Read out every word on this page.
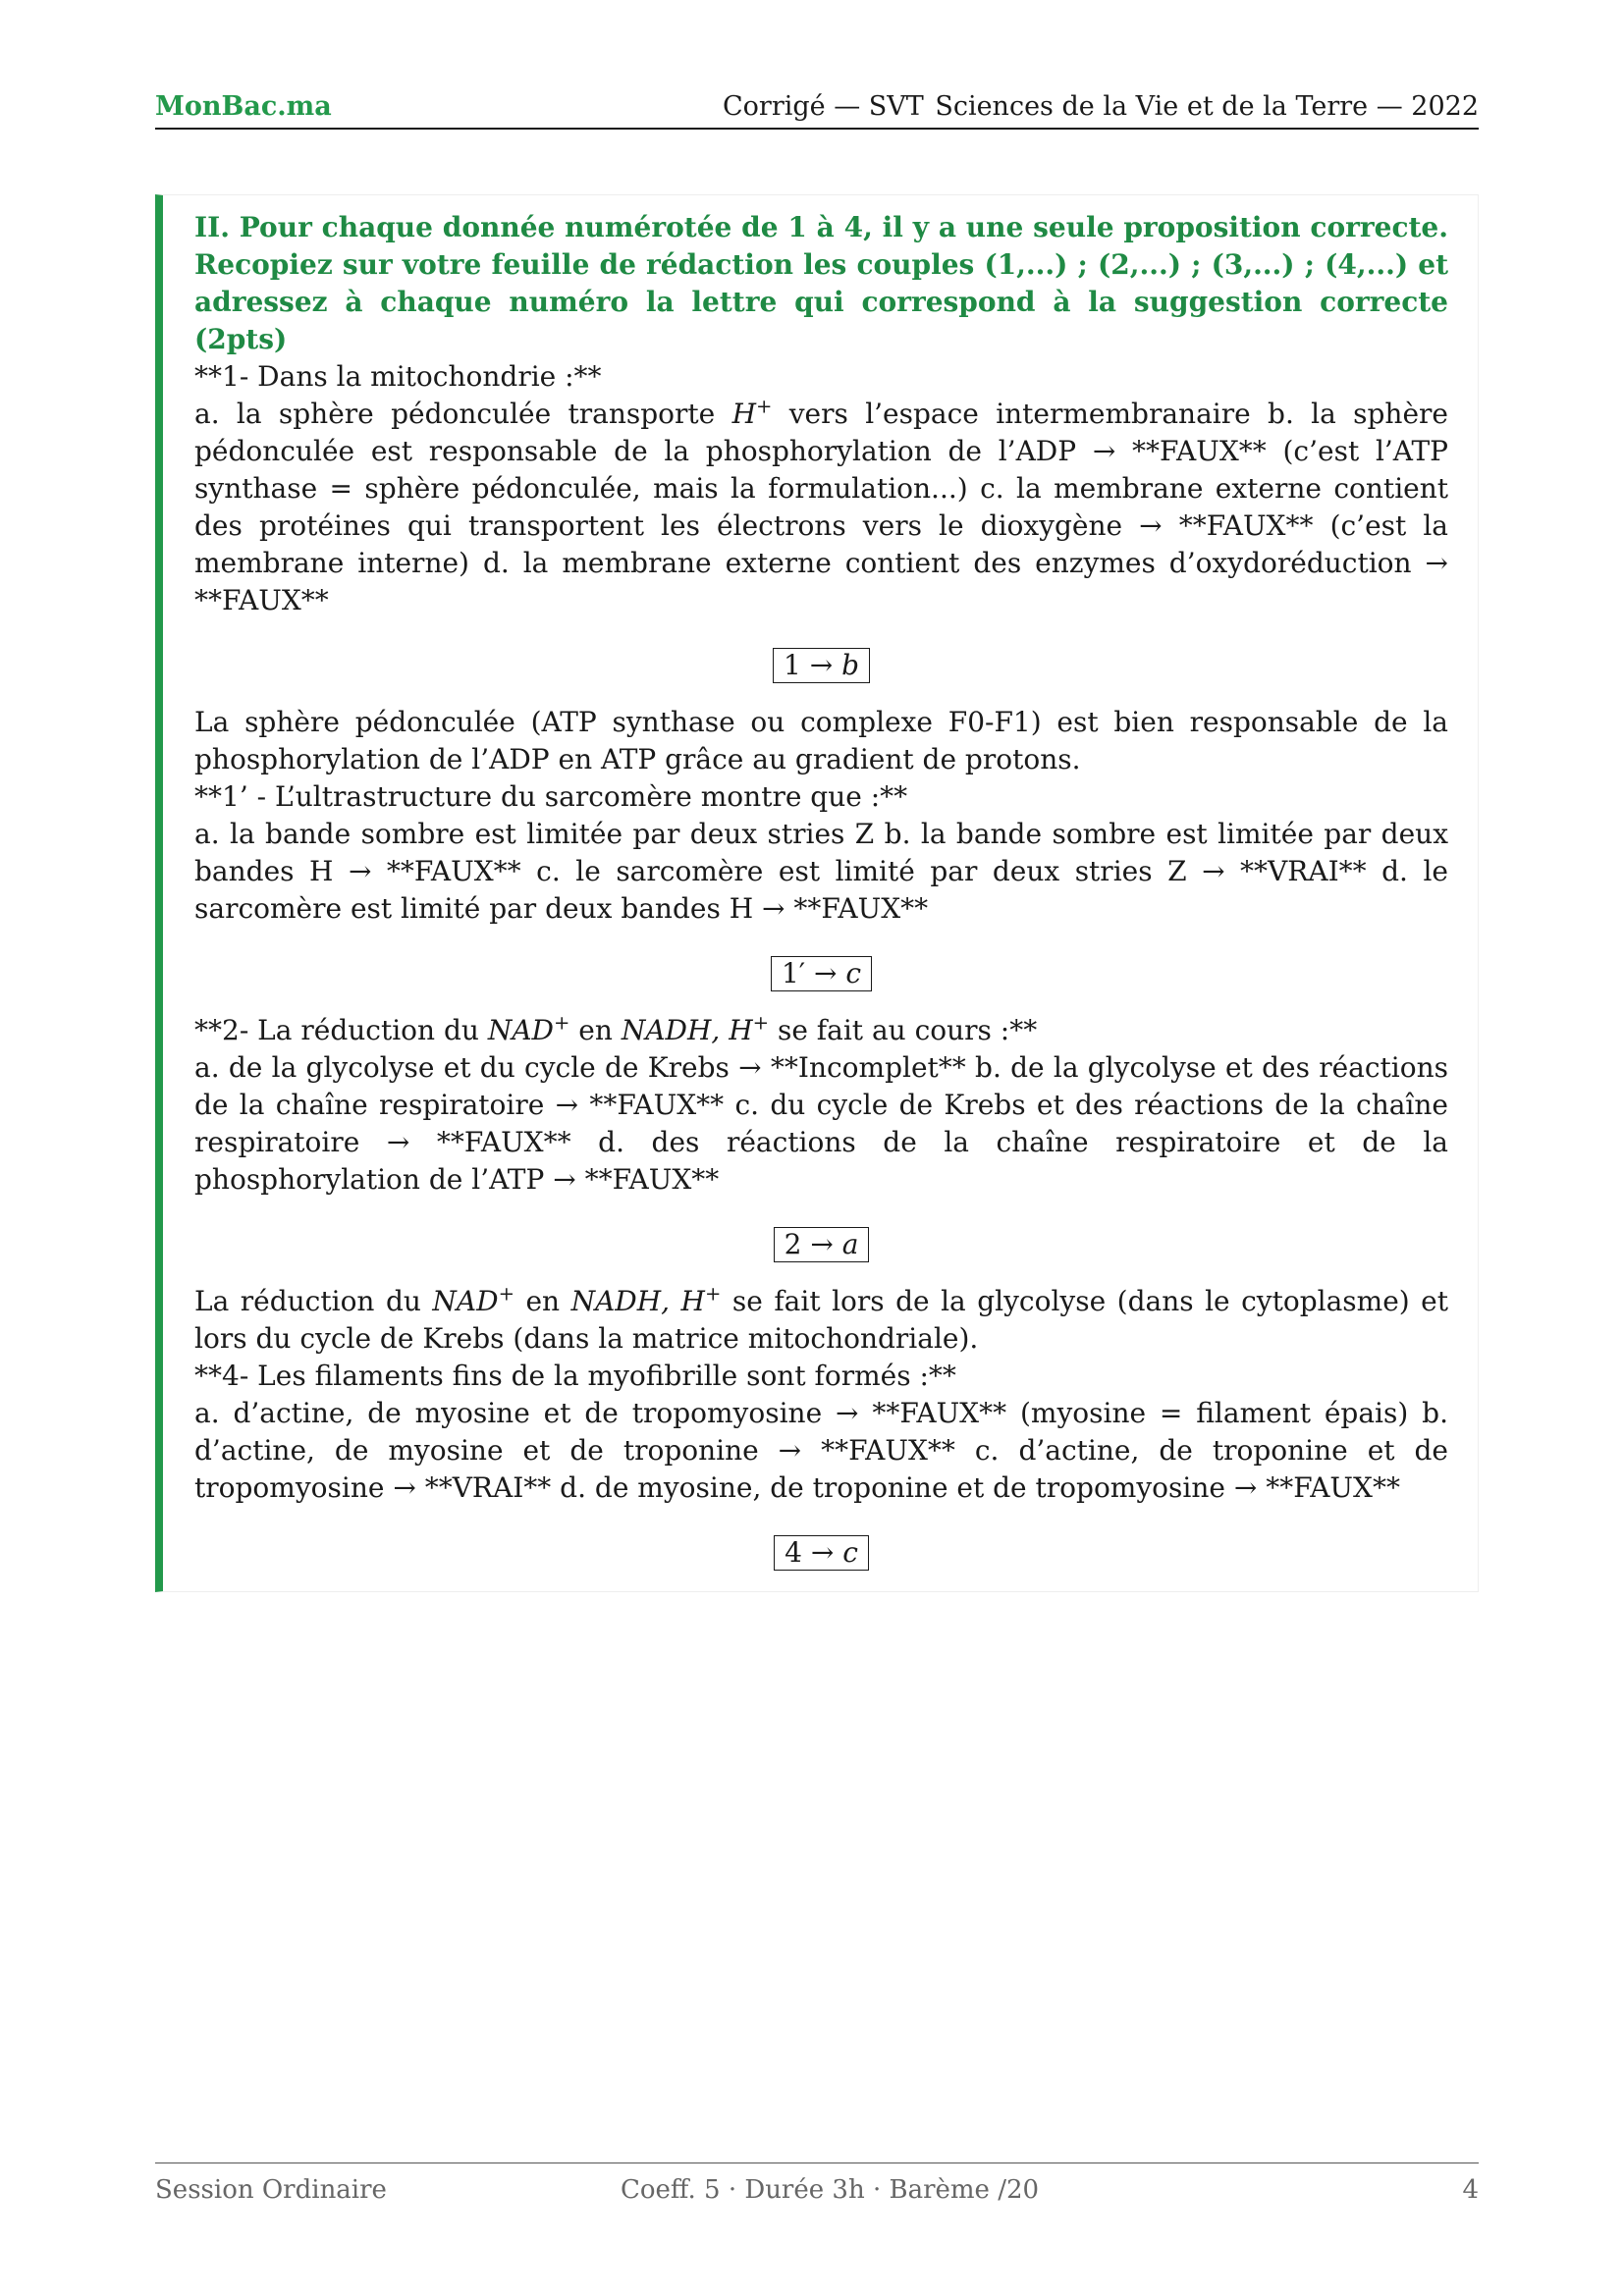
MonBac.ma	Corrigé — SVT Sciences de la Vie et de la Terre — 2022

II. Pour chaque donnée numérotée de 1 à 4, il y a une seule proposition correcte. Recopiez sur votre feuille de rédaction les couples (1,...) ; (2,...) ; (3,...) ; (4,...) et adressez à chaque numéro la lettre qui correspond à la suggestion correcte (2pts)

**1- Dans la mitochondrie :**

a. la sphère pédonculée transporte H+ vers l’espace intermembranaire b. la sphère pédonculée est responsable de la phosphorylation de l’ADP → **FAUX** (c’est l’ATP synthase = sphère pédonculée, mais la formulation...) c. la membrane externe contient des protéines qui transportent les électrons vers le dioxygène → **FAUX** (c’est la membrane interne) d. la membrane externe contient des enzymes d’oxydoréduction → **FAUX**

1 → b

La sphère pédonculée (ATP synthase ou complexe F0-F1) est bien responsable de la phosphorylation de l’ADP en ATP grâce au gradient de protons.

**1’ - L’ultrastructure du sarcomère montre que :**

a. la bande sombre est limitée par deux stries Z b. la bande sombre est limitée par deux bandes H → **FAUX** c. le sarcomère est limité par deux stries Z → **VRAI** d. le sarcomère est limité par deux bandes H → **FAUX**

1′ → c

**2- La réduction du NAD+ en NADH, H+ se fait au cours :**

a. de la glycolyse et du cycle de Krebs → **Incomplet** b. de la glycolyse et des réactions de la chaîne respiratoire → **FAUX** c. du cycle de Krebs et des réactions de la chaîne respiratoire → **FAUX** d. des réactions de la chaîne respiratoire et de la phosphorylation de l’ATP → **FAUX**

2 → a

La réduction du NAD+ en NADH, H+ se fait lors de la glycolyse (dans le cytoplasme) et lors du cycle de Krebs (dans la matrice mitochondriale).

**4- Les filaments fins de la myofibrille sont formés :**

a. d’actine, de myosine et de tropomyosine → **FAUX** (myosine = filament épais) b. d’actine, de myosine et de troponine → **FAUX** c. d’actine, de troponine et de tropomyosine → **VRAI** d. de myosine, de troponine et de tropomyosine → **FAUX**

4 → c
Session Ordinaire	Coeff. 5 · Durée 3h · Barème /20	4
